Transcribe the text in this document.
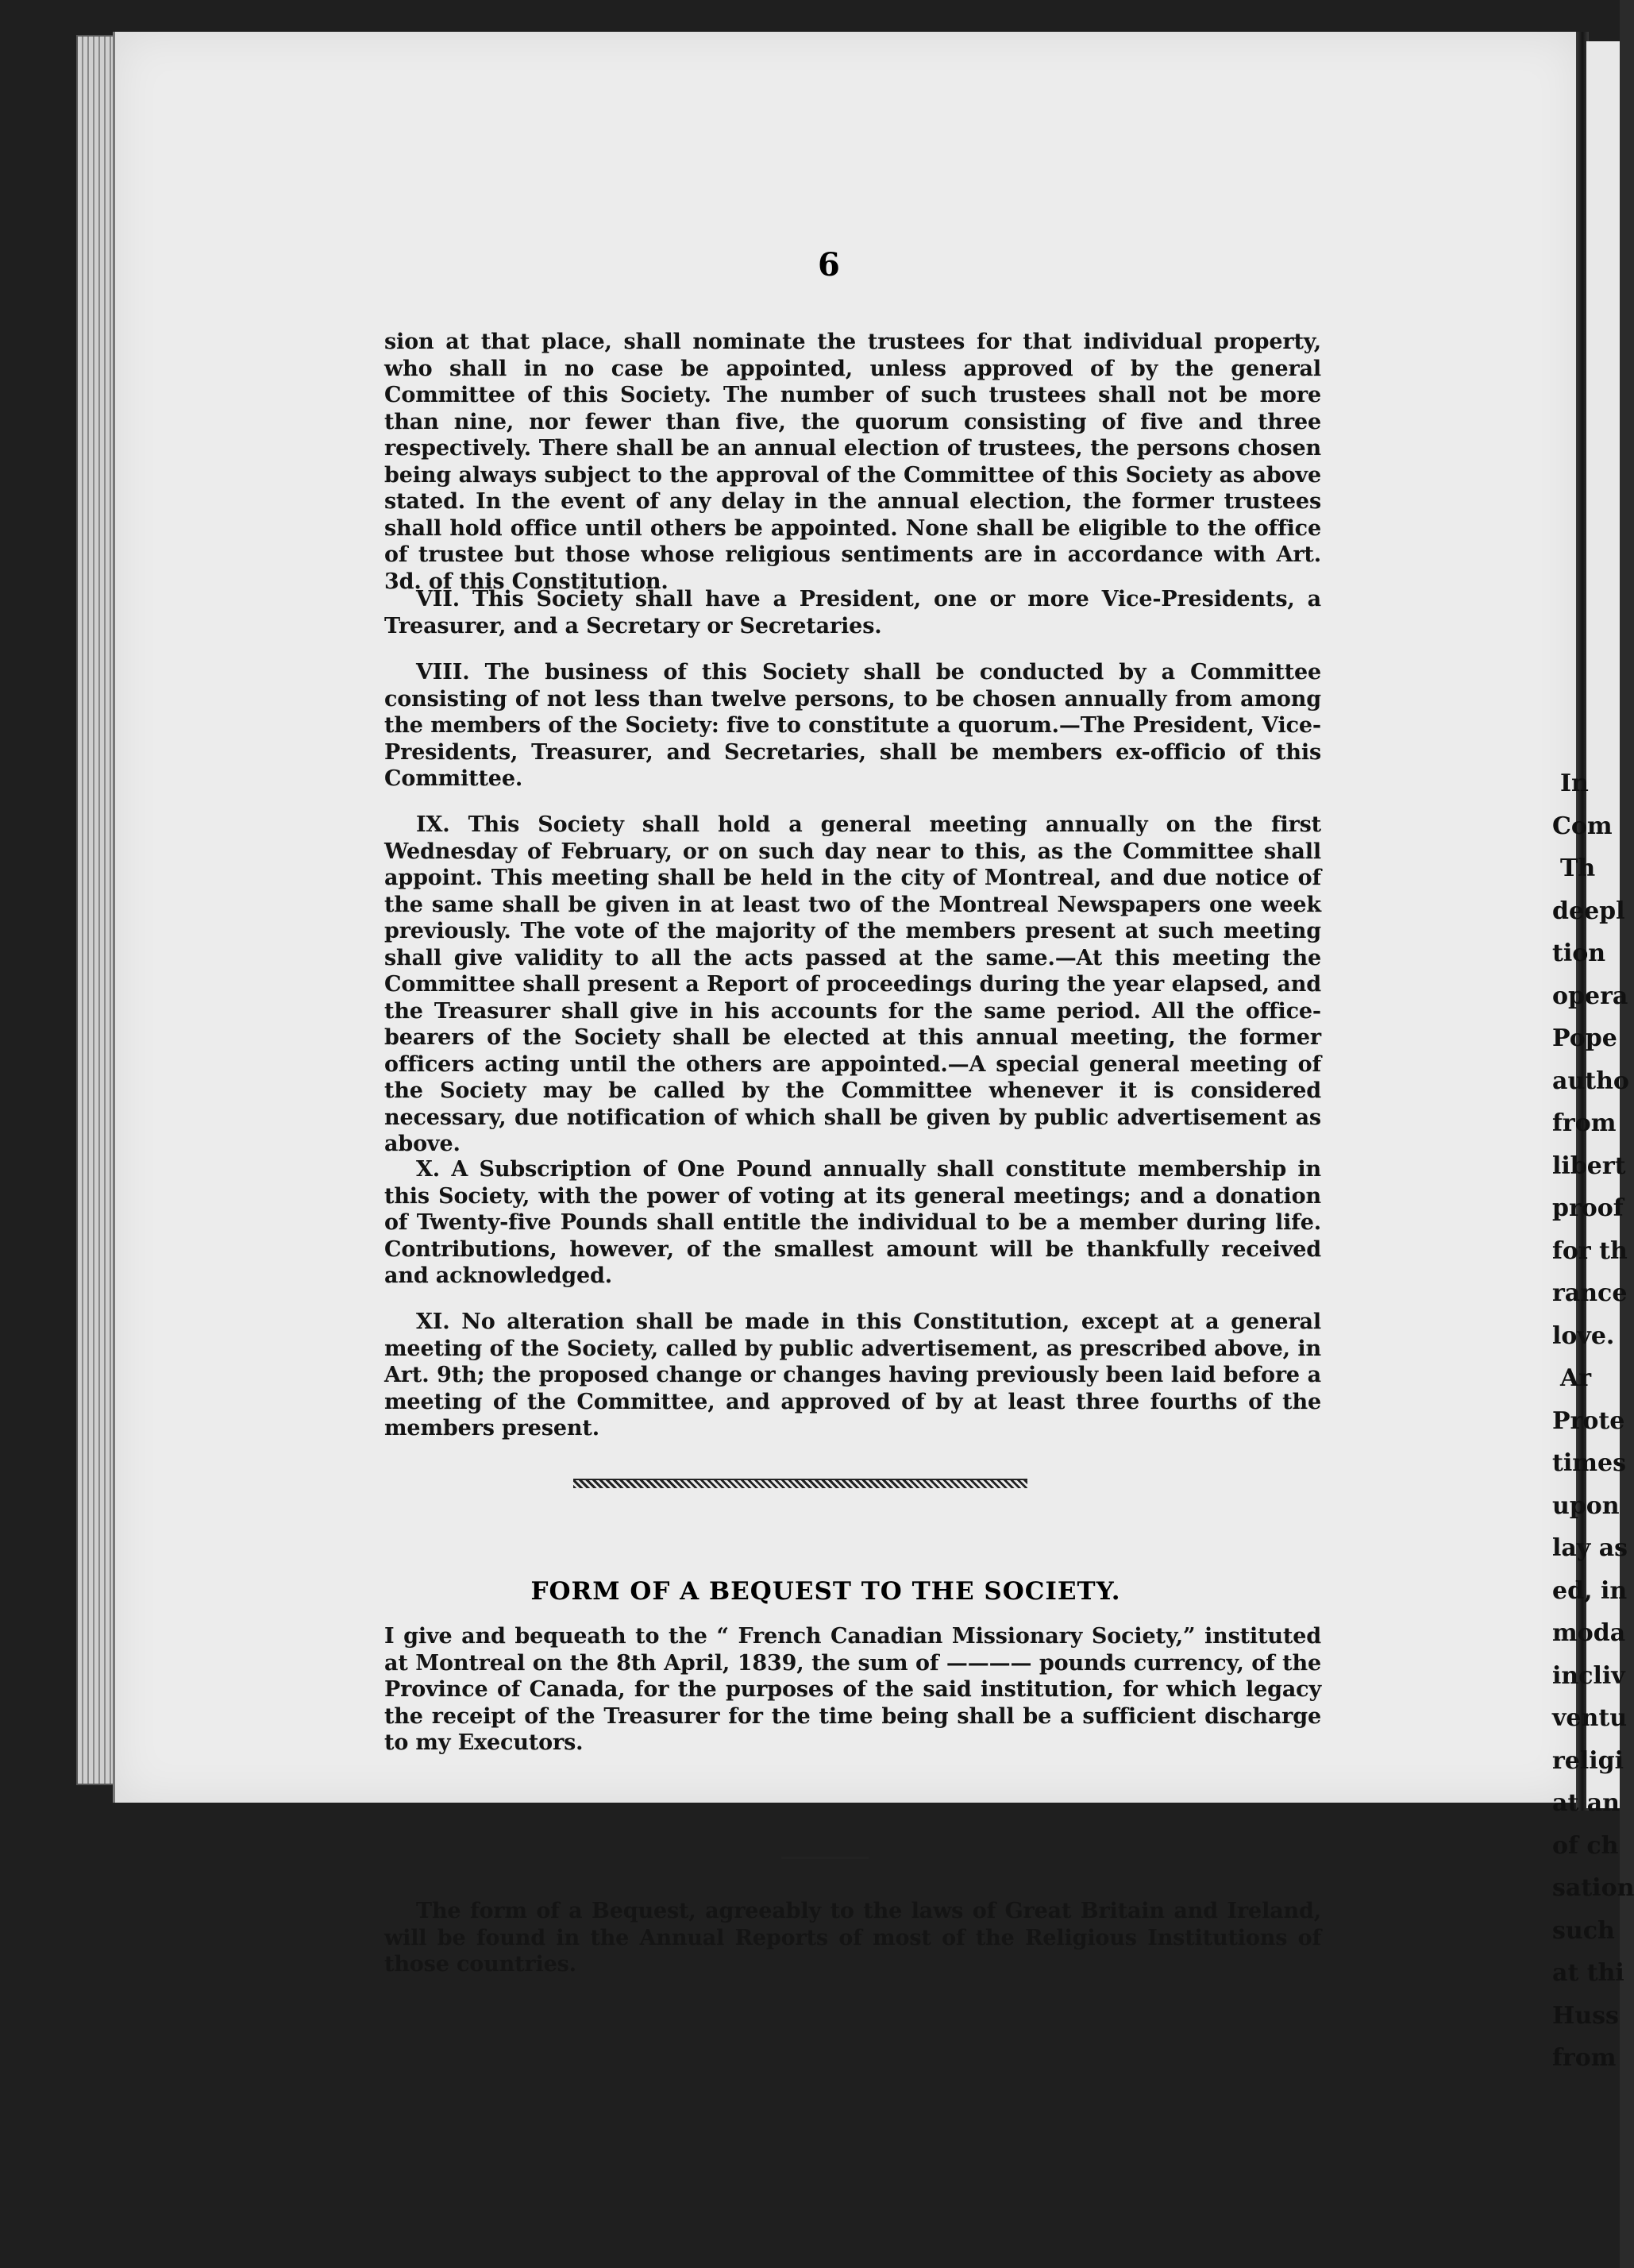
6
sion at that place, shall nominate the trustees for that individual property, who shall in no case be appointed, unless approved of by the general Committee of this Society. The number of such trustees shall not be more than nine, nor fewer than five, the quorum consisting of five and three respectively. There shall be an annual election of trustees, the persons chosen being always subject to the approval of the Committee of this Society as above stated. In the event of any delay in the annual election, the former trustees shall hold office until others be appointed. None shall be eligible to the office of trustee but those whose religious sentiments are in accordance with Art. 3d. of this Constitution.
VII. This Society shall have a President, one or more Vice-Presidents, a Treasurer, and a Secretary or Secretaries.
VIII. The business of this Society shall be conducted by a Committee consisting of not less than twelve persons, to be chosen annually from among the members of the Society: five to constitute a quorum.—The President, Vice-Presidents, Treasurer, and Secretaries, shall be members ex-officio of this Committee.
IX. This Society shall hold a general meeting annually on the first Wednesday of February, or on such day near to this, as the Committee shall appoint. This meeting shall be held in the city of Montreal, and due notice of the same shall be given in at least two of the Montreal Newspapers one week previously. The vote of the majority of the members present at such meeting shall give validity to all the acts passed at the same.—At this meeting the Committee shall present a Report of proceedings during the year elapsed, and the Treasurer shall give in his accounts for the same period. All the office-bearers of the Society shall be elected at this annual meeting, the former officers acting until the others are appointed.—A special general meeting of the Society may be called by the Committee whenever it is considered necessary, due notification of which shall be given by public advertisement as above.
X. A Subscription of One Pound annually shall constitute membership in this Society, with the power of voting at its general meetings; and a donation of Twenty-five Pounds shall entitle the individual to be a member during life. Contributions, however, of the smallest amount will be thankfully received and acknowledged.
XI. No alteration shall be made in this Constitution, except at a general meeting of the Society, called by public advertisement, as prescribed above, in Art. 9th; the proposed change or changes having previously been laid before a meeting of the Committee, and approved of by at least three fourths of the members present.
FORM OF A BEQUEST TO THE SOCIETY.
I give and bequeath to the “ French Canadian Missionary Society,” instituted at Montreal on the 8th April, 1839, the sum of ———— pounds currency, of the Province of Canada, for the purposes of the said institution, for which legacy the receipt of the Treasurer for the time being shall be a sufficient discharge to my Executors.
The form of a Bequest, agreeably to the laws of Great Britain and Ireland, will be found in the Annual Reports of most of the Religious Institutions of those countries.
In
Com
Th
deepl
tion
opera
Pope
autho
from
libert
proof
for th
rance
love.
Ar
Prote
times
upon
lay as
ed, in
moda
incliv
ventu
religi
at an
of ch
sation
such
at thi
Huss
from
